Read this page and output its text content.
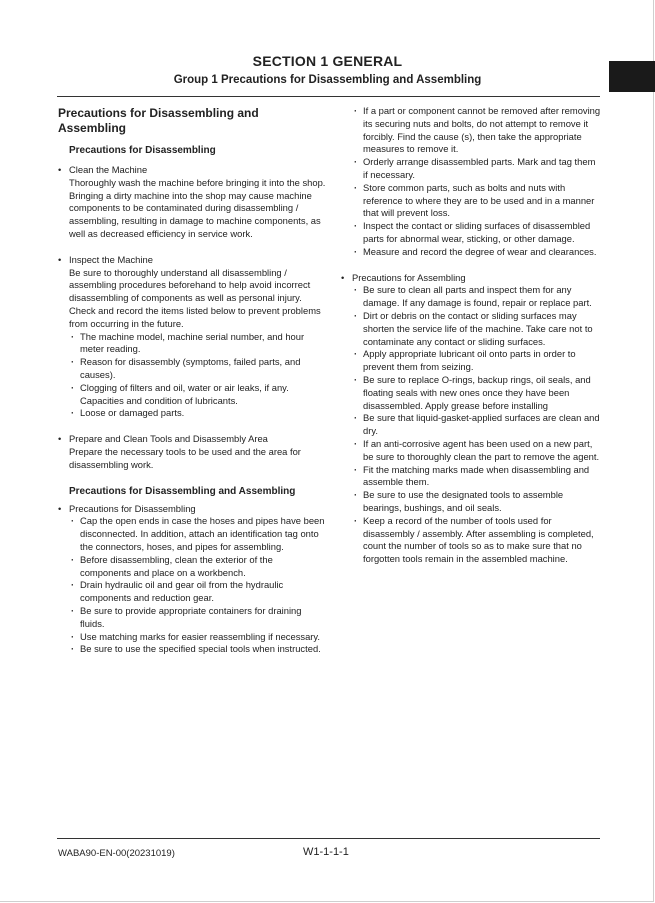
SECTION 1 GENERAL
Group 1 Precautions for Disassembling and Assembling

Precautions for Disassembling and Assembling

Precautions for Disassembling

• Clean the Machine

Thoroughly wash the machine before bringing it into the shop. Bringing a dirty machine into the shop may cause machine components to be contaminated during disassembling / assembling, resulting in damage to machine components, as well as decreased efficiency in service work.

• Inspect the Machine

Be sure to thoroughly understand all disassembling / assembling procedures beforehand to help avoid incorrect disassembling of components as well as personal injury.

Check and record the items listed below to prevent problems from occurring in the future.

· The machine model, machine serial number, and hour meter reading.

· Reason for disassembly (symptoms, failed parts, and causes).

· Clogging of filters and oil, water or air leaks, if any. Capacities and condition of lubricants.

· Loose or damaged parts.

• Prepare and Clean Tools and Disassembly Area

Prepare the necessary tools to be used and the area for disassembling work.

Precautions for Disassembling and Assembling

• Precautions for Disassembling

· Cap the open ends in case the hoses and pipes have been disconnected. In addition, attach an identification tag onto the connectors, hoses, and pipes for assembling.

· Before disassembling, clean the exterior of the components and place on a workbench.

· Drain hydraulic oil and gear oil from the hydraulic components and reduction gear.

· Be sure to provide appropriate containers for draining fluids.

· Use matching marks for easier reassembling if necessary.

· Be sure to use the specified special tools when instructed.

· If a part or component cannot be removed after removing its securing nuts and bolts, do not attempt to remove it forcibly. Find the cause (s), then take the appropriate measures to remove it.

· Orderly arrange disassembled parts. Mark and tag them if necessary.

· Store common parts, such as bolts and nuts with reference to where they are to be used and in a manner that will prevent loss.

· Inspect the contact or sliding surfaces of disassembled parts for abnormal wear, sticking, or other damage.

· Measure and record the degree of wear and clearances.

• Precautions for Assembling

· Be sure to clean all parts and inspect them for any damage. If any damage is found, repair or replace part.

· Dirt or debris on the contact or sliding surfaces may shorten the service life of the machine. Take care not to contaminate any contact or sliding surfaces.

· Apply appropriate lubricant oil onto parts in order to prevent them from seizing.

· Be sure to replace O-rings, backup rings, oil seals, and floating seals with new ones once they have been disassembled. Apply grease before installing

· Be sure that liquid-gasket-applied surfaces are clean and dry.

· If an anti-corrosive agent has been used on a new part, be sure to thoroughly clean the part to remove the agent.

· Fit the matching marks made when disassembling and assemble them.

· Be sure to use the designated tools to assemble bearings, bushings, and oil seals.

· Keep a record of the number of tools used for disassembly / assembly. After assembling is completed, count the number of tools so as to make sure that no forgotten tools remain in the assembled machine.

WABA90-EN-00(20231019)	W1-1-1-1
